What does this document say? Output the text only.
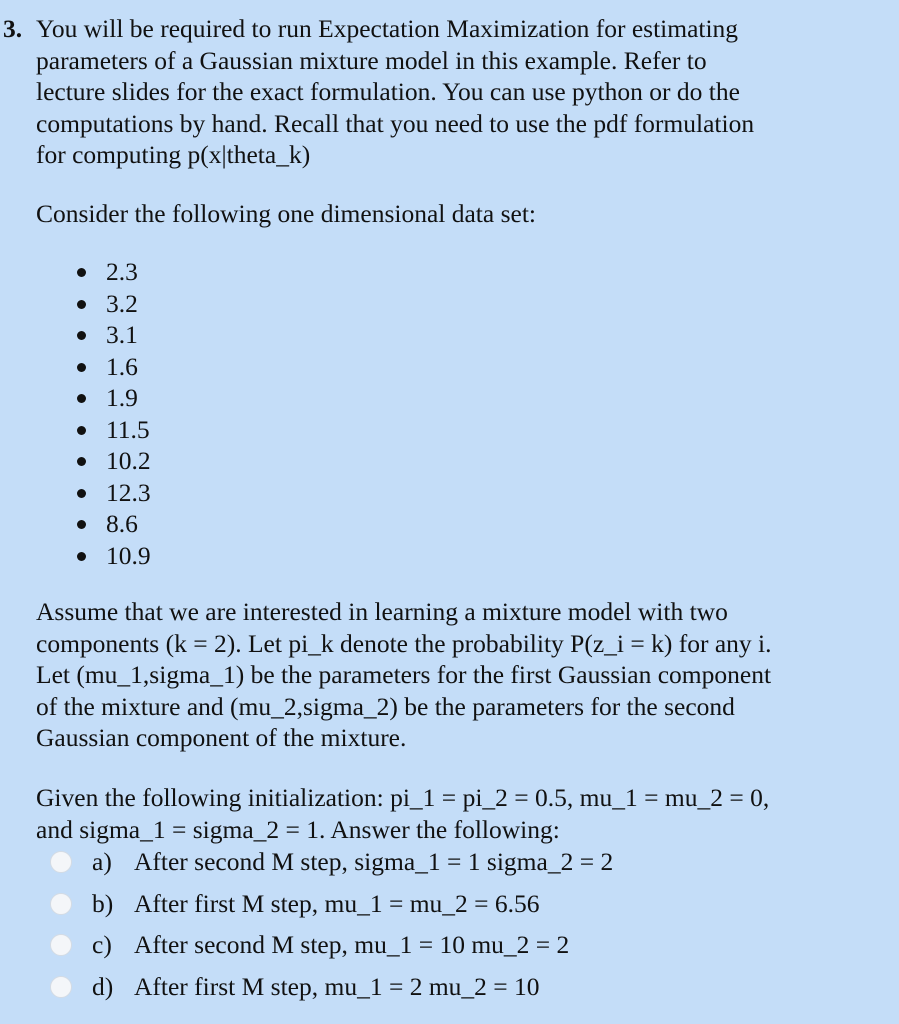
3. You will be required to run Expectation Maximization for estimating
parameters of a Gaussian mixture model in this example. Refer to
lecture slides for the exact formulation. You can use python or do the
computations by hand. Recall that you need to use the pdf formulation
for computing p(x|theta_k)
Consider the following one dimensional data set:
2.3
3.2
3.1
1.6
1.9
11.5
10.2
12.3
8.6
10.9
Assume that we are interested in learning a mixture model with two
components (k = 2). Let pi_k denote the probability P(z_i = k) for any i.
Let (mu_1,sigma_1) be the parameters for the first Gaussian component
of the mixture and (mu_2,sigma_2) be the parameters for the second
Gaussian component of the mixture.
Given the following initialization: pi_1 = pi_2 = 0.5, mu_1 = mu_2 = 0,
and sigma_1 = sigma_2 = 1. Answer the following:
a) After second M step, sigma_1 = 1 sigma_2 = 2
b) After first M step, mu_1 = mu_2 = 6.56
c) After second M step, mu_1 = 10 mu_2 = 2
d) After first M step, mu_1 = 2 mu_2 = 10
